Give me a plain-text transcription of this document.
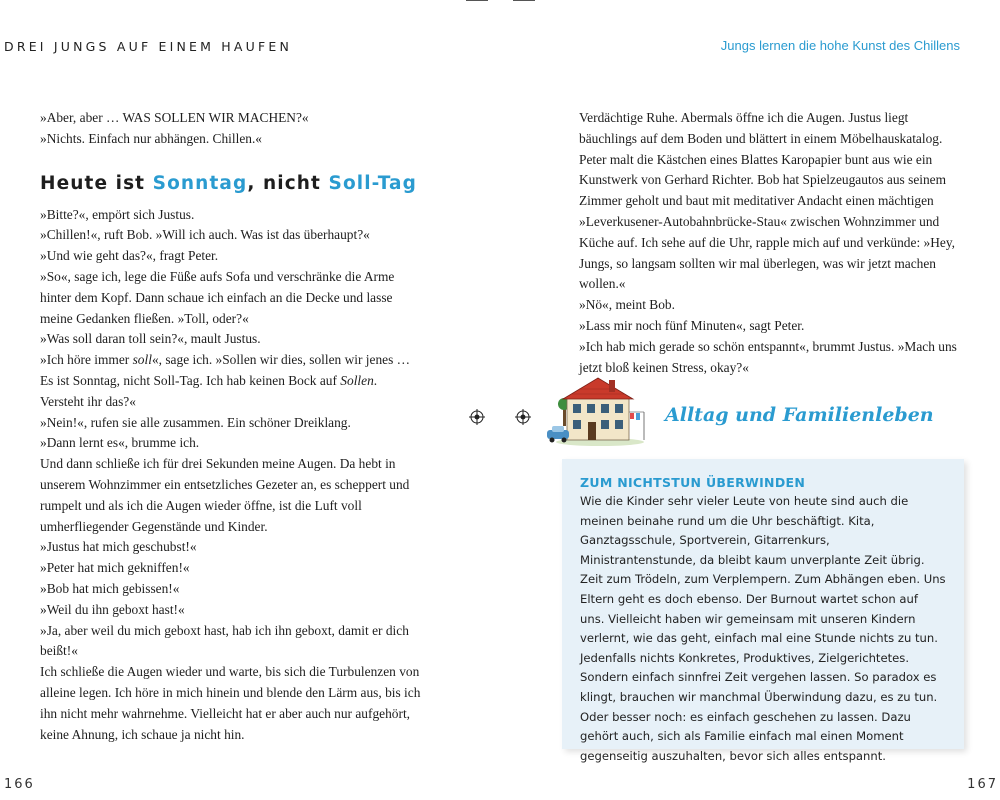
DREI JUNGS AUF EINEM HAUFEN	Jungs lernen die hohe Kunst des Chillens

»Aber, aber … WAS SOLLEN WIR MACHEN?«

»Nichts. Einfach nur abhängen. Chillen.«

Heute ist Sonntag, nicht Soll-Tag

»Bitte?«, empört sich Justus.

»Chillen!«, ruft Bob. »Will ich auch. Was ist das überhaupt?«

»Und wie geht das?«, fragt Peter.

»So«, sage ich, lege die Füße aufs Sofa und verschränke die Arme hinter dem Kopf. Dann schaue ich einfach an die Decke und lasse meine Gedanken fließen. »Toll, oder?«

»Was soll daran toll sein?«, mault Justus.

»Ich höre immer soll«, sage ich. »Sollen wir dies, sollen wir jenes … Es ist Sonntag, nicht Soll-Tag. Ich hab keinen Bock auf Sollen. Versteht ihr das?«

»Nein!«, rufen sie alle zusammen. Ein schöner Dreiklang.

»Dann lernt es«, brumme ich.

Und dann schließe ich für drei Sekunden meine Augen. Da hebt in unserem Wohnzimmer ein entsetzliches Gezeter an, es scheppert und rumpelt und als ich die Augen wieder öffne, ist die Luft voll umherfliegender Gegenstände und Kinder.

»Justus hat mich geschubst!«

»Peter hat mich gekniffen!«

»Bob hat mich gebissen!«

»Weil du ihn geboxt hast!«

»Ja, aber weil du mich geboxt hast, hab ich ihn geboxt, damit er dich beißt!«

Ich schließe die Augen wieder und warte, bis sich die Turbulenzen von alleine legen. Ich höre in mich hinein und blende den Lärm aus, bis ich ihn nicht mehr wahrnehme. Vielleicht hat er aber auch nur aufgehört, keine Ahnung, ich schaue ja nicht hin.

Verdächtige Ruhe. Abermals öffne ich die Augen. Justus liegt bäuchlings auf dem Boden und blättert in einem Möbelhauskatalog. Peter malt die Kästchen eines Blattes Karopapier bunt aus wie ein Kunstwerk von Gerhard Richter. Bob hat Spielzeugautos aus seinem Zimmer geholt und baut mit meditativer Andacht einen mächtigen »Leverkusener-Autobahnbrücke-Stau« zwischen Wohnzimmer und Küche auf. Ich sehe auf die Uhr, rapple mich auf und verkünde: »Hey, Jungs, so langsam sollten wir mal überlegen, was wir jetzt machen wollen.«

»Nö«, meint Bob.

»Lass mir noch fünf Minuten«, sagt Peter.

»Ich hab mich gerade so schön entspannt«, brummt Justus. »Mach uns jetzt bloß keinen Stress, okay?«

Alltag und Familienleben
ZUM NICHTSTUN ÜBERWINDEN

Wie die Kinder sehr vieler Leute von heute sind auch die meinen beinahe rund um die Uhr beschäftigt. Kita, Ganztagsschule, Sportverein, Gitarrenkurs, Ministrantenstunde, da bleibt kaum unverplante Zeit übrig. Zeit zum Trödeln, zum Verplempern. Zum Abhängen eben. Uns Eltern geht es doch ebenso. Der Burnout wartet schon auf uns. Vielleicht haben wir gemeinsam mit unseren Kindern verlernt, wie das geht, einfach mal eine Stunde nichts zu tun. Jedenfalls nichts Konkretes, Produktives, Zielgerichtetes. Sondern einfach sinnfrei Zeit vergehen lassen. So paradox es klingt, brauchen wir manchmal Überwindung dazu, es zu tun. Oder besser noch: es einfach geschehen zu lassen. Dazu gehört auch, sich als Familie einfach mal einen Moment gegenseitig auszuhalten, bevor sich alles entspannt.

166	167
